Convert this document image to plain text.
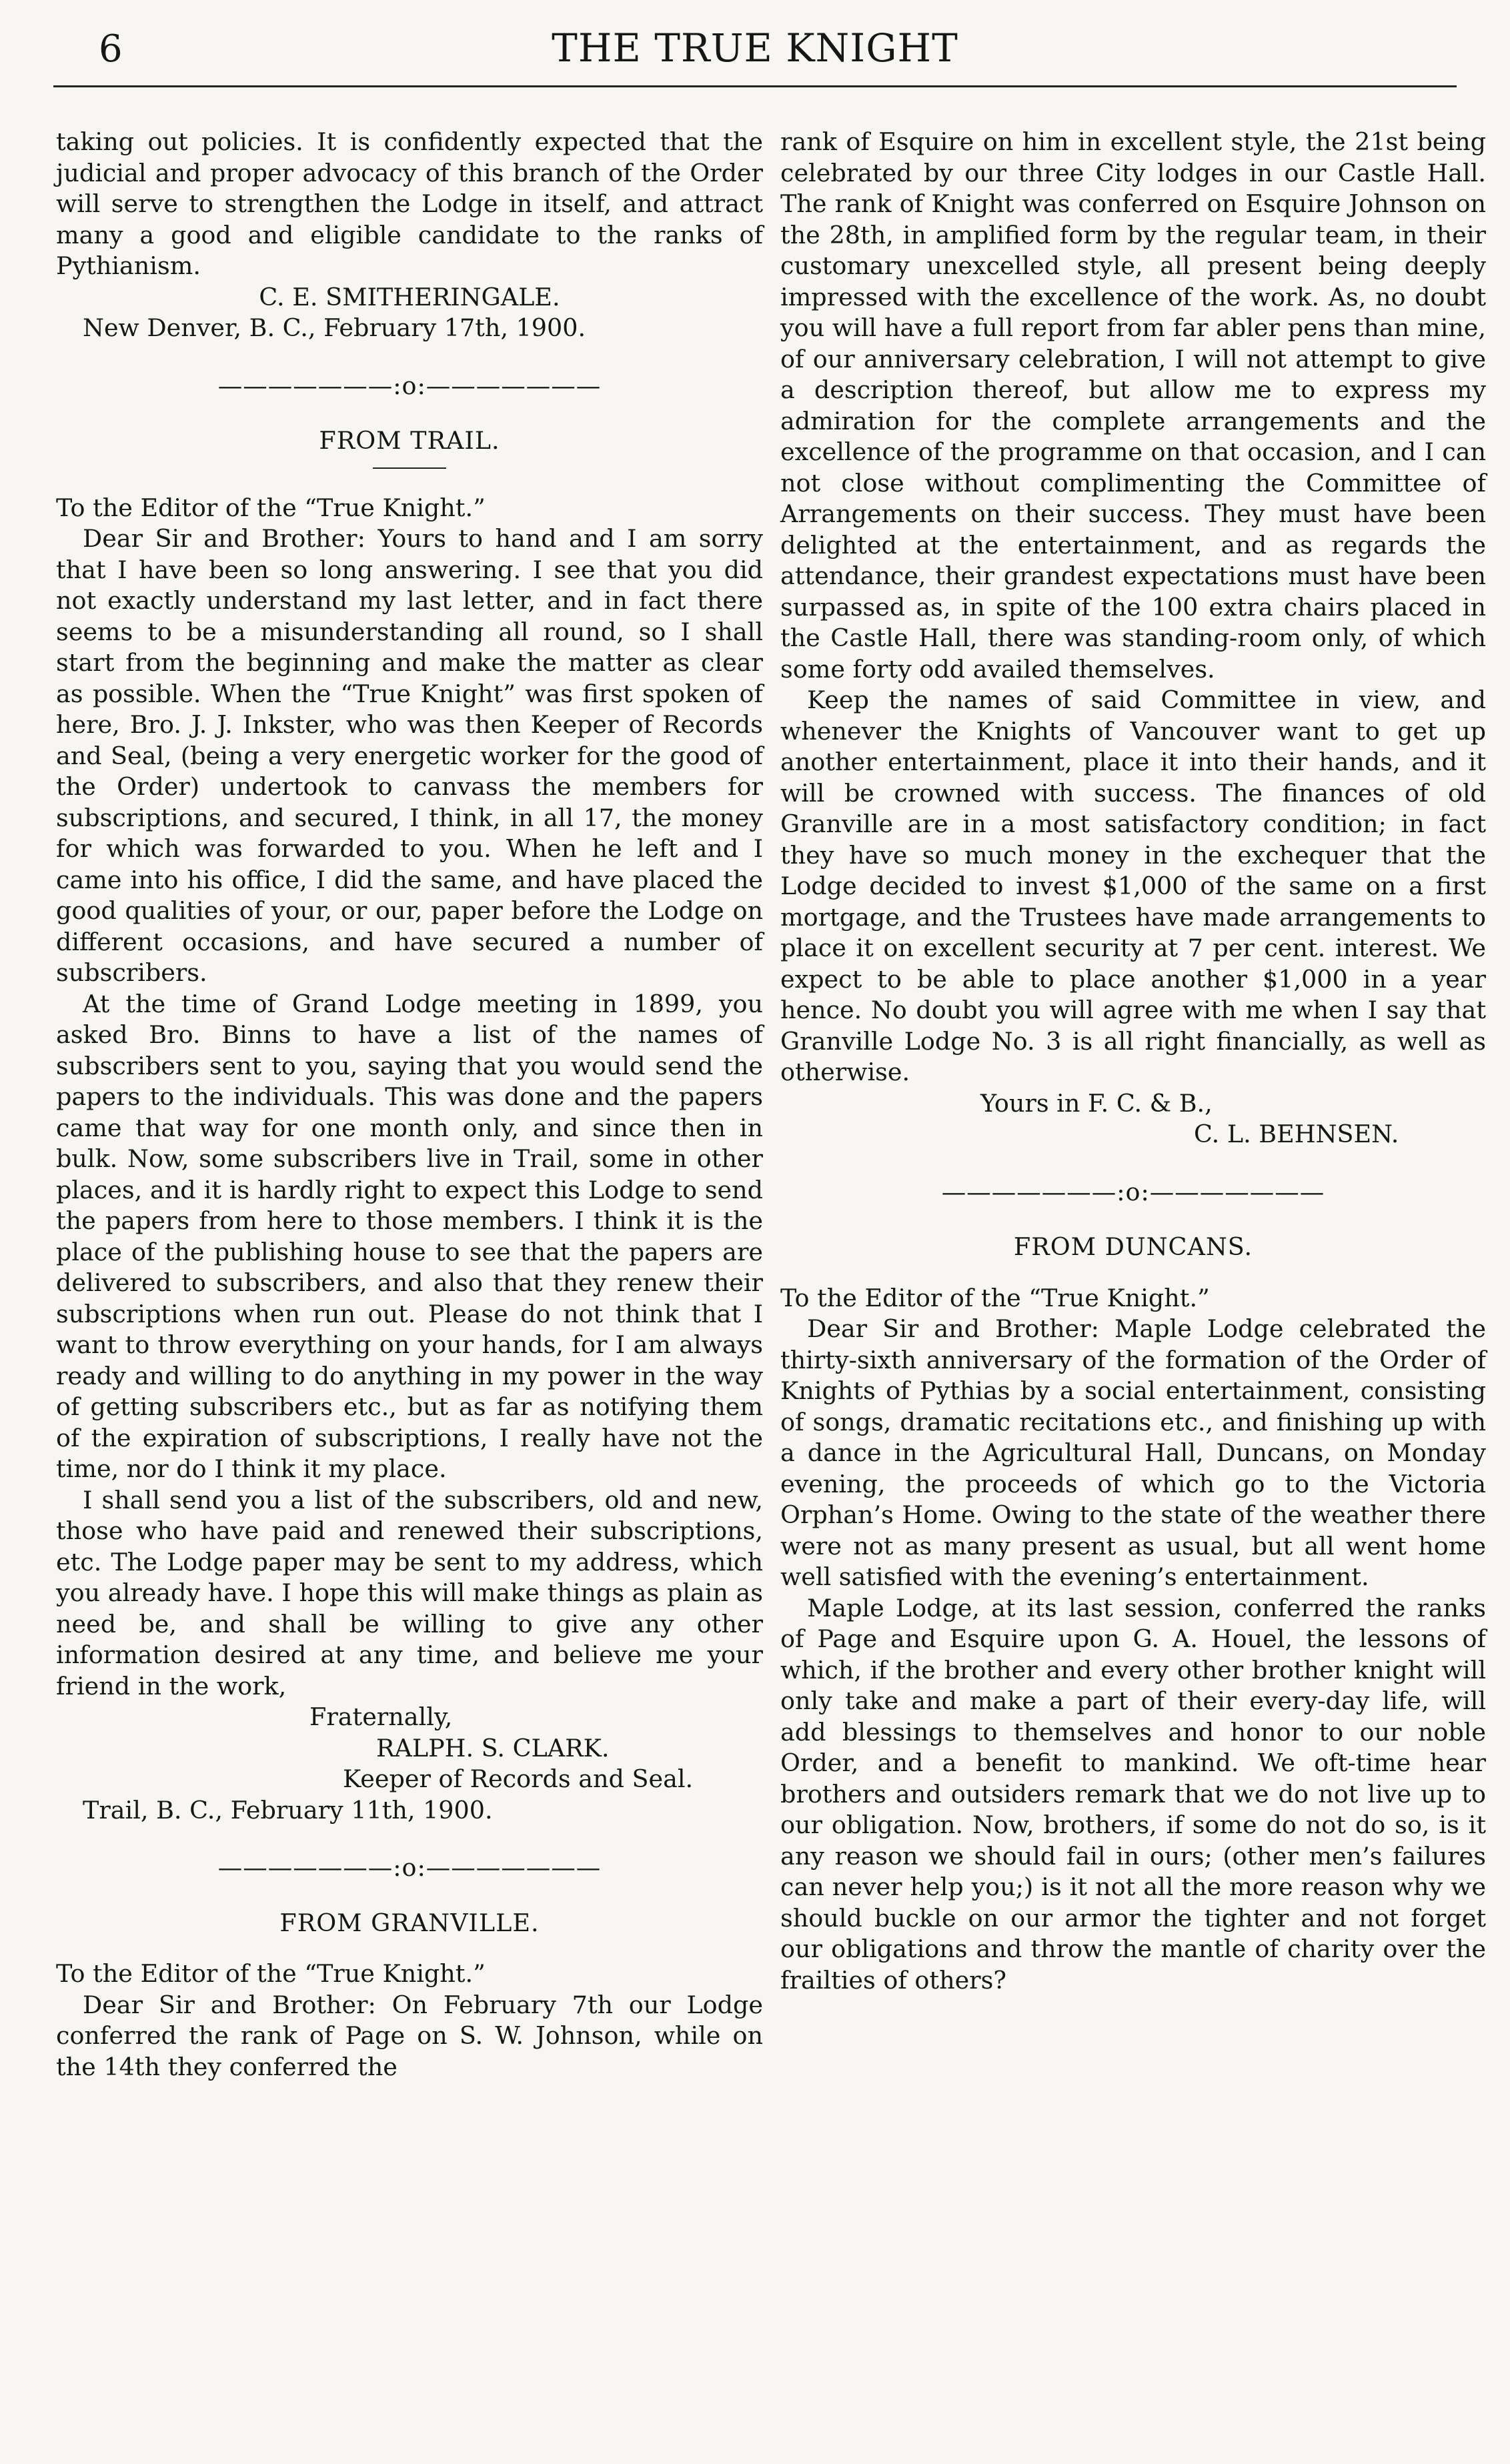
6	THE TRUE KNIGHT

taking out policies. It is confidently expected that the judicial and proper advocacy of this branch of the Order will serve to strengthen the Lodge in itself, and attract many a good and eligible candidate to the ranks of Pythianism.

C. E. SMITHERINGALE.

New Denver, B. C., February 17th, 1900.

———————:o:———————
FROM TRAIL.

To the Editor of the “True Knight.”

Dear Sir and Brother: Yours to hand and I am sorry that I have been so long answering. I see that you did not exactly understand my last letter, and in fact there seems to be a misunderstanding all round, so I shall start from the beginning and make the matter as clear as possible. When the “True Knight” was first spoken of here, Bro. J. J. Inkster, who was then Keeper of Records and Seal, (being a very energetic worker for the good of the Order) undertook to canvass the members for subscriptions, and secured, I think, in all 17, the money for which was forwarded to you. When he left and I came into his office, I did the same, and have placed the good qualities of your, or our, paper before the Lodge on different occasions, and have secured a number of subscribers.

At the time of Grand Lodge meeting in 1899, you asked Bro. Binns to have a list of the names of subscribers sent to you, saying that you would send the papers to the individuals. This was done and the papers came that way for one month only, and since then in bulk. Now, some subscribers live in Trail, some in other places, and it is hardly right to expect this Lodge to send the papers from here to those members. I think it is the place of the publishing house to see that the papers are delivered to subscribers, and also that they renew their subscriptions when run out. Please do not think that I want to throw everything on your hands, for I am always ready and willing to do anything in my power in the way of getting subscribers etc., but as far as notifying them of the expiration of subscriptions, I really have not the time, nor do I think it my place.

I shall send you a list of the subscribers, old and new, those who have paid and renewed their subscriptions, etc. The Lodge paper may be sent to my address, which you already have. I hope this will make things as plain as need be, and shall be willing to give any other information desired at any time, and believe me your friend in the work,

Fraternally,

RALPH. S. CLARK.

Keeper of Records and Seal.

Trail, B. C., February 11th, 1900.

———————:o:———————
FROM GRANVILLE.

To the Editor of the “True Knight.”

Dear Sir and Brother: On February 7th our Lodge conferred the rank of Page on S. W. Johnson, while on the 14th they conferred the

rank of Esquire on him in excellent style, the 21st being celebrated by our three City lodges in our Castle Hall. The rank of Knight was conferred on Esquire Johnson on the 28th, in amplified form by the regular team, in their customary unexcelled style, all present being deeply impressed with the excellence of the work. As, no doubt you will have a full report from far abler pens than mine, of our anniversary celebration, I will not attempt to give a description thereof, but allow me to express my admiration for the complete arrangements and the excellence of the programme on that occasion, and I can not close without complimenting the Committee of Arrangements on their success. They must have been delighted at the entertainment, and as regards the attendance, their grandest expectations must have been surpassed as, in spite of the 100 extra chairs placed in the Castle Hall, there was standing-room only, of which some forty odd availed themselves.

Keep the names of said Committee in view, and whenever the Knights of Vancouver want to get up another entertainment, place it into their hands, and it will be crowned with success. The finances of old Granville are in a most satisfactory condition; in fact they have so much money in the exchequer that the Lodge decided to invest $1,000 of the same on a first mortgage, and the Trustees have made arrangements to place it on excellent security at 7 per cent. interest. We expect to be able to place another $1,000 in a year hence. No doubt you will agree with me when I say that Granville Lodge No. 3 is all right financially, as well as otherwise.

Yours in F. C. & B.,

C. L. BEHNSEN.

———————:o:———————
FROM DUNCANS.

To the Editor of the “True Knight.”

Dear Sir and Brother: Maple Lodge celebrated the thirty-sixth anniversary of the formation of the Order of Knights of Pythias by a social entertainment, consisting of songs, dramatic recitations etc., and finishing up with a dance in the Agricultural Hall, Duncans, on Monday evening, the proceeds of which go to the Victoria Orphan’s Home. Owing to the state of the weather there were not as many present as usual, but all went home well satisfied with the evening’s entertainment.

Maple Lodge, at its last session, conferred the ranks of Page and Esquire upon G. A. Houel, the lessons of which, if the brother and every other brother knight will only take and make a part of their every-day life, will add blessings to themselves and honor to our noble Order, and a benefit to mankind. We oft-time hear brothers and outsiders remark that we do not live up to our obligation. Now, brothers, if some do not do so, is it any reason we should fail in ours; (other men’s failures can never help you;) is it not all the more reason why we should buckle on our armor the tighter and not forget our obligations and throw the mantle of charity over the frailties of others?
